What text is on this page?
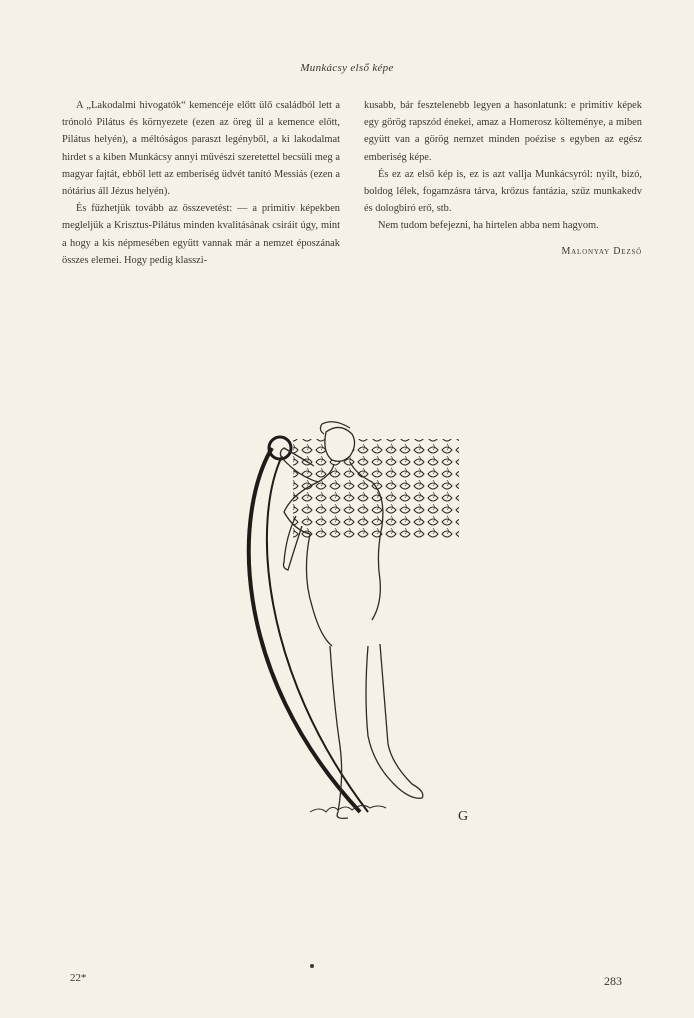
Munkácsy első képe

A „Lakodalmi hivogatók“ kemencéje előtt ülő családból lett a trónoló Pilátus és környezete (ezen az öreg ül a kemence előtt, Pilátus helyén), a méltóságos paraszt legényből, a ki lakodalmat hirdet s a kiben Munkácsy annyi művészi szeretettel becsüli meg a magyar fajtát, ebből lett az emberiség üdvét tanító Messiás (ezen a nótárius áll Jézus helyén).

És fűzhetjük tovább az összevetést: — a primitiv képekben megleljük a Krisztus-Pilátus minden kvalitásának csiráit úgy, mint a hogy a kis népmesében együtt vannak már a nemzet époszának összes elemei. Hogy pedig klasszi-

kusabb, bár fesztelenebb legyen a hasonlatunk: e primitiv képek egy görög rapszód énekei, amaz a Homerosz költeménye, a miben együtt van a görög nemzet minden poézise s egyben az egész emberiség képe.

És ez az első kép is, ez is azt vallja Munkácsyról: nyilt, bizó, boldog lélek, fogamzásra tárva, krőzus fantázia, szűz munkakedv és dologbiró erő, stb.

Nem tudom befejezni, ha hirtelen abba nem hagyom.

Malonyay Dezső
G
22*	283
